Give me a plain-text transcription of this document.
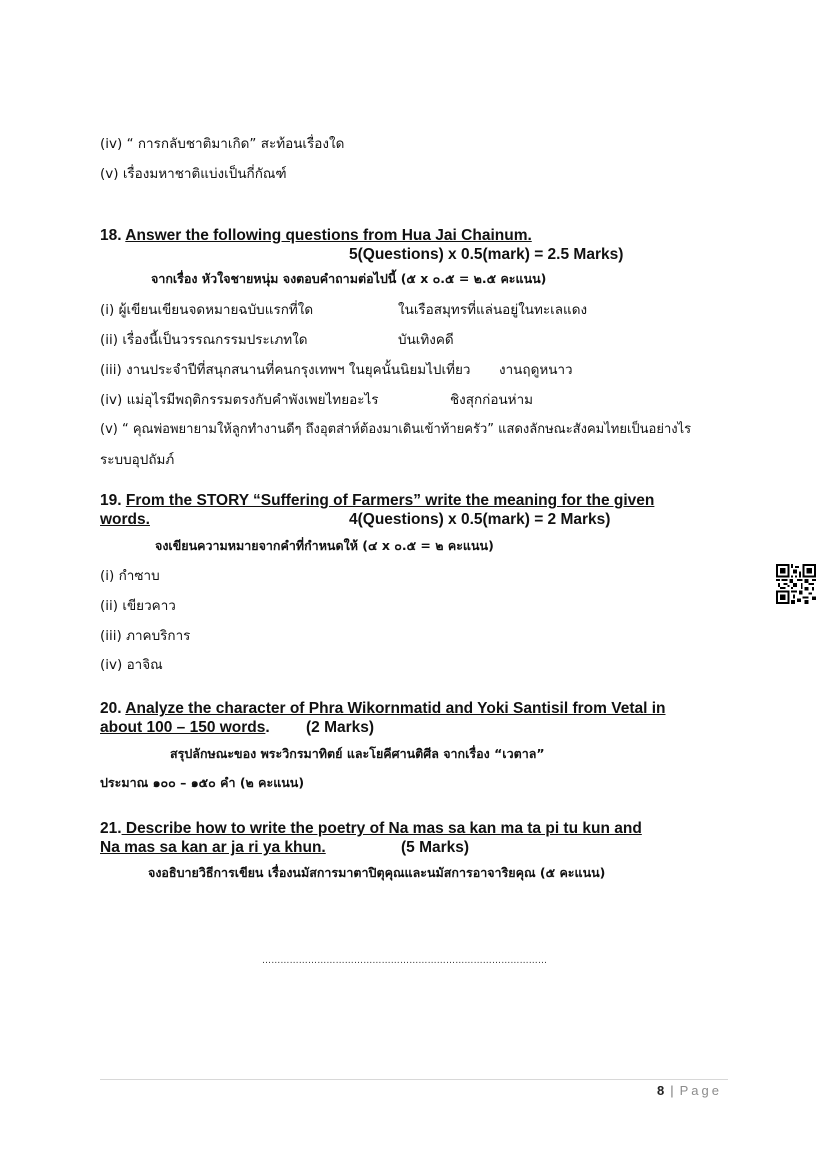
(iv) “ การกลับชาติมาเกิด” สะท้อนเรื่องใด
(v) เรื่องมหาชาติแบ่งเป็นกี่กัณฑ์
18. Answer the following questions from Hua Jai Chainum.
5(Questions) x 0.5(mark) = 2.5 Marks)
จากเรื่อง หัวใจชายหนุ่ม จงตอบคำถามต่อไปนี้ (๕ x ๐.๕ = ๒.๕ คะแนน)
(i) ผู้เขียนเขียนจดหมายฉบับแรกที่ใด	ในเรือสมุทรที่แล่นอยู่ในทะเลแดง
(ii) เรื่องนี้เป็นวรรณกรรมประเภทใด	บันเทิงคดี
(iii) งานประจำปีที่สนุกสนานที่คนกรุงเทพฯ ในยุคนั้นนิยมไปเที่ยว งานฤดูหนาว
(iv) แม่อุไรมีพฤติกรรมตรงกับคำพังเพยไทยอะไร	ชิงสุกก่อนห่าม
(v) “ คุณพ่อพยายามให้ลูกทำงานดีๆ ถึงอุตส่าห์ต้องมาเดินเข้าท้ายครัว” แสดงลักษณะสังคมไทยเป็นอย่างไร
ระบบอุปถัมภ์
19. From the STORY “Suffering of Farmers” write the meaning for the given
words.	4(Questions) x 0.5(mark) = 2 Marks)
จงเขียนความหมายจากคำที่กำหนดให้ (๔ x ๐.๕ = ๒ คะแนน)
(i) กำซาบ
(ii) เขียวคาว
(iii) ภาคบริการ
(iv) อาจิณ
20. Analyze the character of Phra Wikornmatid and Yoki Santisil from Vetal in
about 100 – 150 words. (2 Marks)
สรุปลักษณะของ พระวิกรมาทิตย์ และโยคีศานติศีล จากเรื่อง “เวตาล”
ประมาณ ๑๐๐ – ๑๕๐ คำ (๒ คะแนน)
21. Describe how to write the poetry of Na mas sa kan ma ta pi tu kun and
Na mas sa kan ar ja ri ya khun.	(5 Marks)
จงอธิบายวิธีการเขียน เรื่องนมัสการมาตาปิตุคุณและนมัสการอาจาริยคุณ (๕ คะแนน)
…………………………………………………………………………………
8 | Page
